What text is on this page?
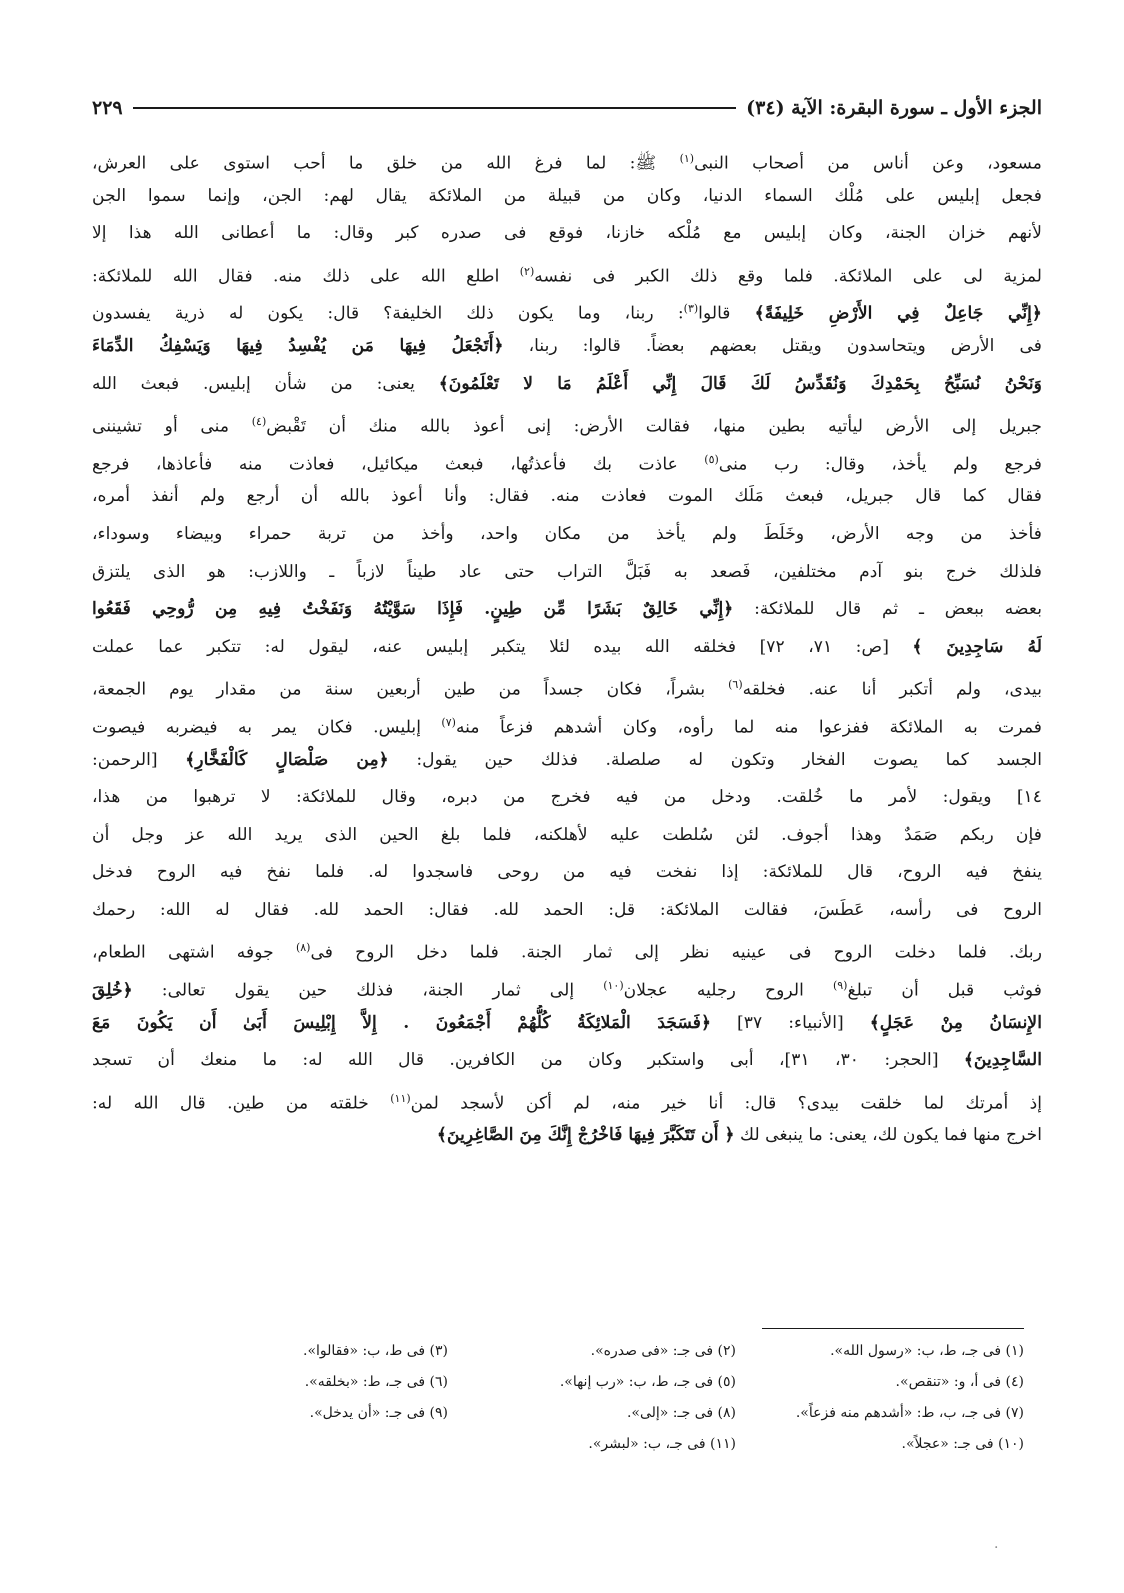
الجزء الأول ـ سورة البقرة: الآية (٣٤)
٢٢٩
مسعود، وعن أناس من أصحاب النبى$^{(١)}$ ﷺ: لما فرغ الله من خلق ما أحب استوى على العرش،
فجعل إبليس على مُلْك السماء الدنيا، وكان من قبيلة من الملائكة يقال لهم: الجن، وإنما سموا الجن
لأنهم خزان الجنة، وكان إبليس مع مُلْكه خازنا، فوقع فى صدره كبر وقال: ما أعطانى الله هذا إلا
لمزية لى على الملائكة. فلما وقع ذلك الكبر فى نفسه$^{(٢)}$ اطلع الله على ذلك منه. فقال الله للملائكة:
﴿إِنِّي جَاعِلٌ فِي الأَرْضِ خَلِيفَةً﴾ قالوا$^{(٣)}$: ربنا، وما يكون ذلك الخليفة؟ قال: يكون له ذرية يفسدون
فى الأرض ويتحاسدون ويقتل بعضهم بعضاً. قالوا: ربنا، ﴿أَتَجْعَلُ فِيهَا مَن يُفْسِدُ فِيهَا وَيَسْفِكُ الدِّمَاءَ
وَنَحْنُ نُسَبِّحُ بِحَمْدِكَ وَنُقَدِّسُ لَكَ قَالَ إِنِّي أَعْلَمُ مَا لا تَعْلَمُونَ﴾ يعنى: من شأن إبليس. فبعث الله
جبريل إلى الأرض ليأتيه بطين منها، فقالت الأرض: إنى أعوذ بالله منك أن تَقْبض$^{(٤)}$ منى أو تشيننى
فرجع ولم يأخذ، وقال: رب منى$^{(٥)}$ عاذت بك فأعذتُها، فبعث ميكائيل، فعاذت منه فأعاذها، فرجع
فقال كما قال جبريل، فبعث مَلَك الموت فعاذت منه. فقال: وأنا أعوذ بالله أن أرجع ولم أنفذ أمره،
فأخذ من وجه الأرض، وخَلَطَ ولم يأخذ من مكان واحد، وأخذ من تربة حمراء وبيضاء وسوداء،
فلذلك خرج بنو آدم مختلفين، فَصعد به فَبَلَّ التراب حتى عاد طيناً لازباً ـ واللازب: هو الذى يلتزق
بعضه ببعض ـ ثم قال للملائكة: ﴿إِنِّي خَالِقٌ بَشَرًا مِّن طِينٍ. فَإِذَا سَوَّيْتُهُ وَنَفَخْتُ فِيهِ مِن رُّوحِي فَقَعُوا
لَهُ سَاجِدِينَ ﴾ [ص: ٧١، ٧٢] فخلقه الله بيده لئلا يتكبر إبليس عنه، ليقول له: تتكبر عما عملت
بيدى، ولم أتكبر أنا عنه. فخلقه$^{(٦)}$ بشراً، فكان جسداً من طين أربعين سنة من مقدار يوم الجمعة،
فمرت به الملائكة ففزعوا منه لما رأوه، وكان أشدهم فزعاً منه$^{(٧)}$ إبليس. فكان يمر به فيضربه فيصوت
الجسد كما يصوت الفخار وتكون له صلصلة. فذلك حين يقول: ﴿مِن صَلْصَالٍ كَالْفَخَّارِ﴾ [الرحمن:
١٤] ويقول: لأمر ما خُلقت. ودخل من فيه فخرج من دبره، وقال للملائكة: لا ترهبوا من هذا،
فإن ربكم صَمَدٌ وهذا أجوف. لئن سُلطت عليه لأهلكنه، فلما بلغ الحين الذى يريد الله عز وجل أن
ينفخ فيه الروح، قال للملائكة: إذا نفخت فيه من روحى فاسجدوا له. فلما نفخ فيه الروح فدخل
الروح فى رأسه، عَطَسَ، فقالت الملائكة: قل: الحمد لله. فقال: الحمد لله. فقال له الله: رحمك
ربك. فلما دخلت الروح فى عينيه نظر إلى ثمار الجنة. فلما دخل الروح فى$^{(٨)}$ جوفه اشتهى الطعام،
فوثب قبل أن تبلغ$^{(٩)}$ الروح رجليه عجلان$^{(١٠)}$ إلى ثمار الجنة، فذلك حين يقول تعالى: ﴿خُلِقَ
الإِنسَانُ مِنْ عَجَلٍ﴾ [الأنبياء: ٣٧] ﴿فَسَجَدَ الْمَلائِكَةُ كُلُّهُمْ أَجْمَعُونَ . إِلاَّ إِبْلِيسَ أَبَىٰ أَن يَكُونَ مَعَ
السَّاجِدِينَ﴾ [الحجر: ٣٠، ٣١]، أبى واستكبر وكان من الكافرين. قال الله له: ما منعك أن تسجد
إذ أمرتك لما خلقت بيدى؟ قال: أنا خير منه، لم أكن لأسجد لمن$^{(١١)}$ خلقته من طين. قال الله له:
اخرج منها فما يكون لك، يعنى: ما ينبغى لك ﴿ أَن تَتَكَبَّرَ فِيهَا فَاخْرُجْ إِنَّكَ مِنَ الصَّاغِرِينَ﴾
(١) فى جـ، ط، ب: «رسول الله».
(٢) فى جـ: «فى صدره».
(٣) فى ط، ب: «فقالوا».
(٤) فى أ، و: «تنقص».
(٥) فى جـ، ط، ب: «رب إنها».
(٦) فى جـ، ط: «بخلقه».
(٧) فى جـ، ب، ط: «أشدهم منه فزعاً».
(٨) فى جـ: «إلى».
(٩) فى جـ: «أن يدخل».
(١٠) فى جـ: «عجلاً».
(١١) فى جـ، ب: «لبشر».
·
